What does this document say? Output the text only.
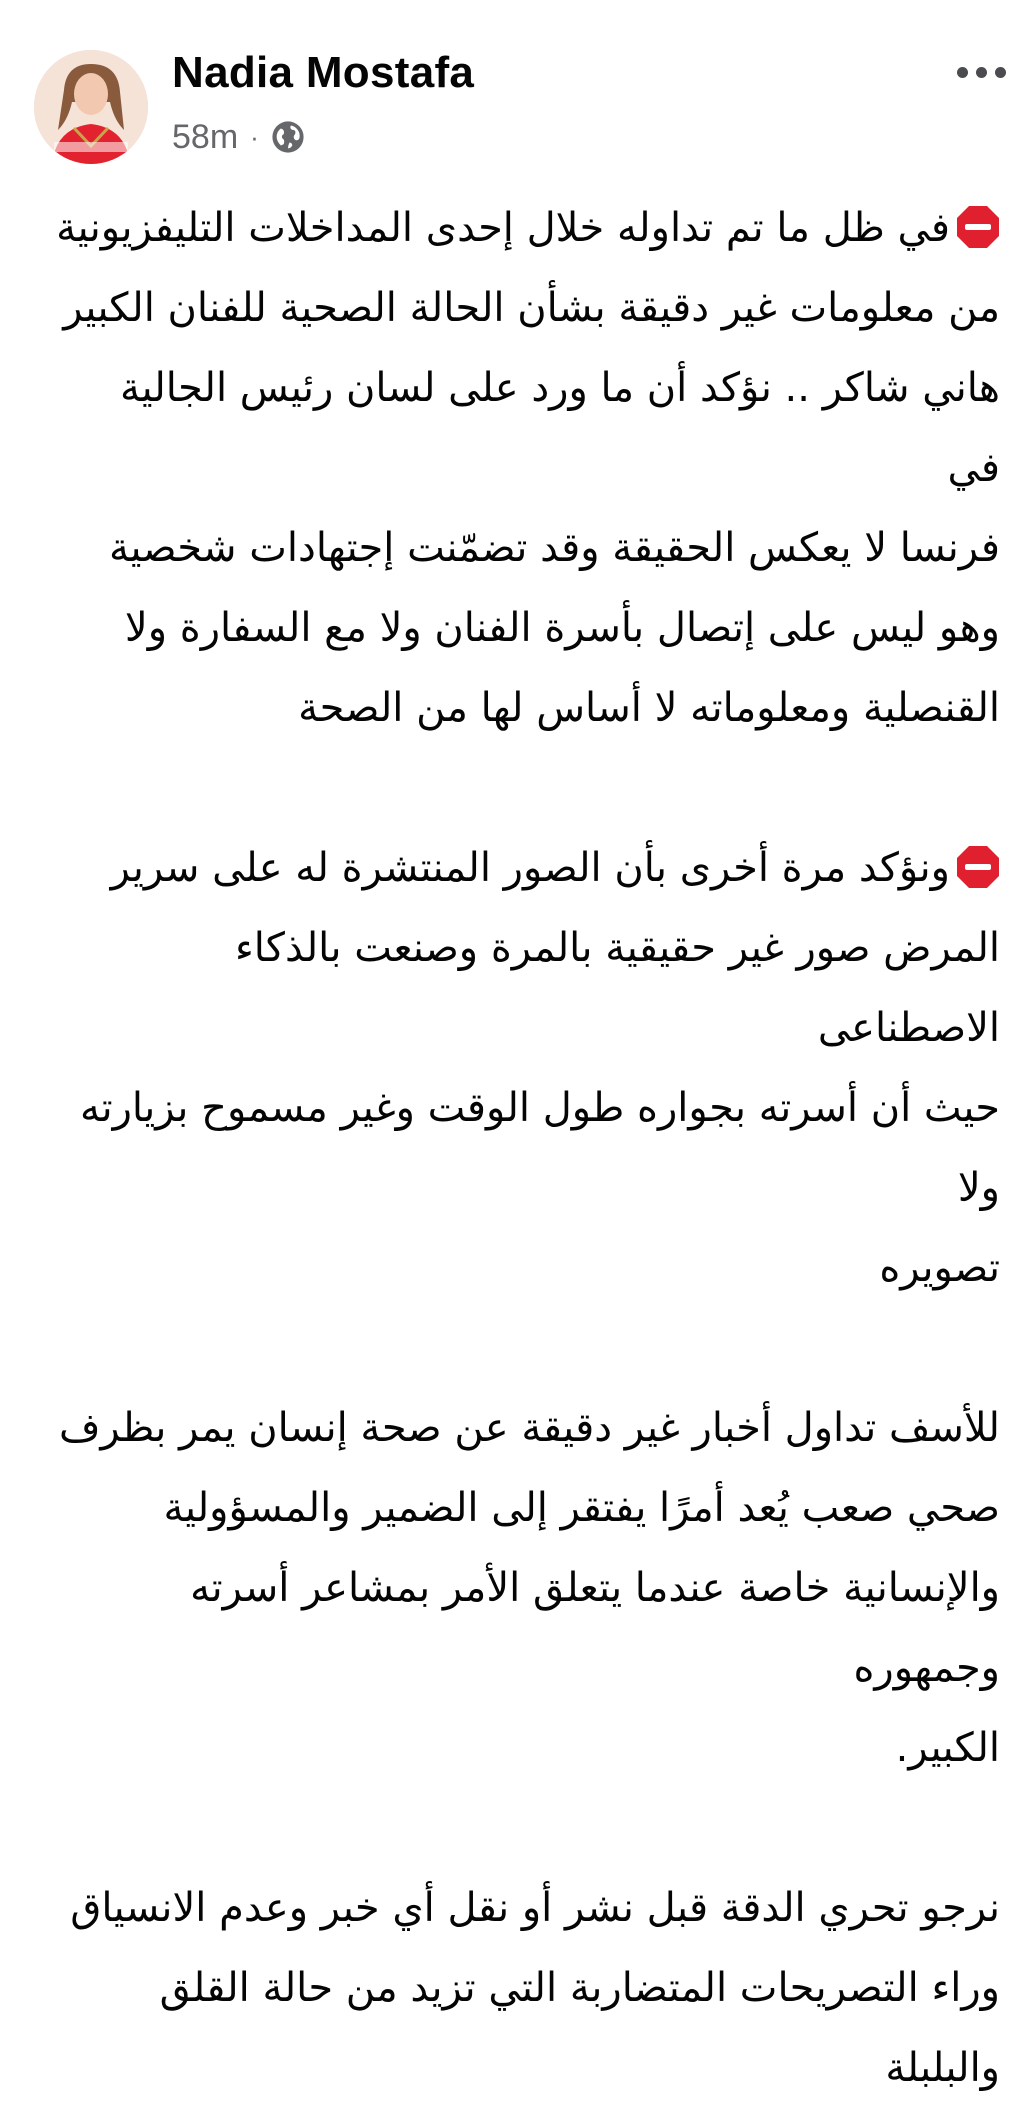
Nadia Mostafa
58m ·
في ظل ما تم تداوله خلال إحدى المداخلات التليفزيونية
من معلومات غير دقيقة بشأن الحالة الصحية للفنان الكبير
هاني شاكر .. نؤكد أن ما ورد على لسان رئيس الجالية في
فرنسا لا يعكس الحقيقة وقد تضمّنت إجتهادات شخصية
وهو ليس على إتصال بأسرة الفنان ولا مع السفارة ولا
القنصلية ومعلوماته لا أساس لها من الصحة
ونؤكد مرة أخرى بأن الصور المنتشرة له على سرير
المرض صور غير حقيقية بالمرة وصنعت بالذكاء
الاصطناعى
حيث أن أسرته بجواره طول الوقت وغير مسموح بزيارته ولا
تصويره
للأسف تداول أخبار غير دقيقة عن صحة إنسان يمر بظرف
صحي صعب يُعد أمرًا يفتقر إلى الضمير والمسؤولية
والإنسانية خاصة عندما يتعلق الأمر بمشاعر أسرته وجمهوره
الكبير.
نرجو تحري الدقة قبل نشر أو نقل أي خبر وعدم الانسياق
وراء التصريحات المتضاربة التي تزيد من حالة القلق والبلبلة
